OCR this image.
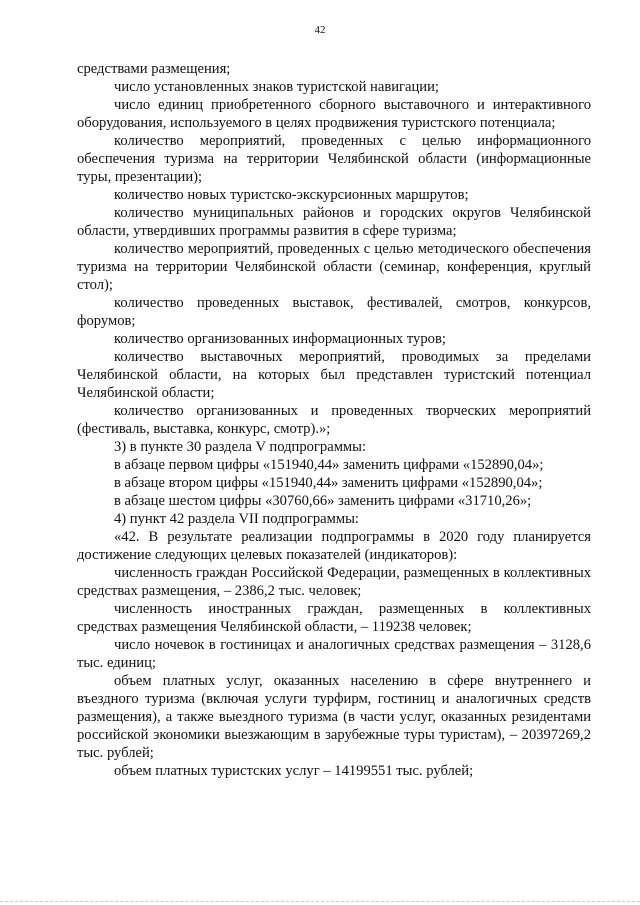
42

средствами размещения;

число установленных знаков туристской навигации;

число единиц приобретенного сборного выставочного и интерактивного оборудования, используемого в целях продвижения туристского потенциала;

количество мероприятий, проведенных с целью информационного обеспечения туризма на территории Челябинской области (информационные туры, презентации);

количество новых туристско-экскурсионных маршрутов;

количество муниципальных районов и городских округов Челябинской области, утвердивших программы развития в сфере туризма;

количество мероприятий, проведенных с целью методического обеспечения туризма на территории Челябинской области (семинар, конференция, круглый стол);

количество проведенных выставок, фестивалей, смотров, конкурсов, форумов;

количество организованных информационных туров;

количество выставочных мероприятий, проводимых за пределами Челябинской области, на которых был представлен туристский потенциал Челябинской области;

количество организованных и проведенных творческих мероприятий (фестиваль, выставка, конкурс, смотр).»;

3) в пункте 30 раздела V подпрограммы:

в абзаце первом цифры «151940,44» заменить цифрами «152890,04»;

в абзаце втором цифры «151940,44» заменить цифрами «152890,04»;

в абзаце шестом цифры «30760,66» заменить цифрами «31710,26»;

4) пункт 42 раздела VII подпрограммы:

«42. В результате реализации подпрограммы в 2020 году планируется достижение следующих целевых показателей (индикаторов):

численность граждан Российской Федерации, размещенных в коллективных средствах размещения, – 2386,2 тыс. человек;

численность иностранных граждан, размещенных в коллективных средствах размещения Челябинской области, – 119238 человек;

число ночевок в гостиницах и аналогичных средствах размещения – 3128,6 тыс. единиц;

объем платных услуг, оказанных населению в сфере внутреннего и въездного туризма (включая услуги турфирм, гостиниц и аналогичных средств размещения), а также выездного туризма (в части услуг, оказанных резидентами российской экономики выезжающим в зарубежные туры туристам), – 20397269,2 тыс. рублей;

объем платных туристских услуг – 14199551 тыс. рублей;
